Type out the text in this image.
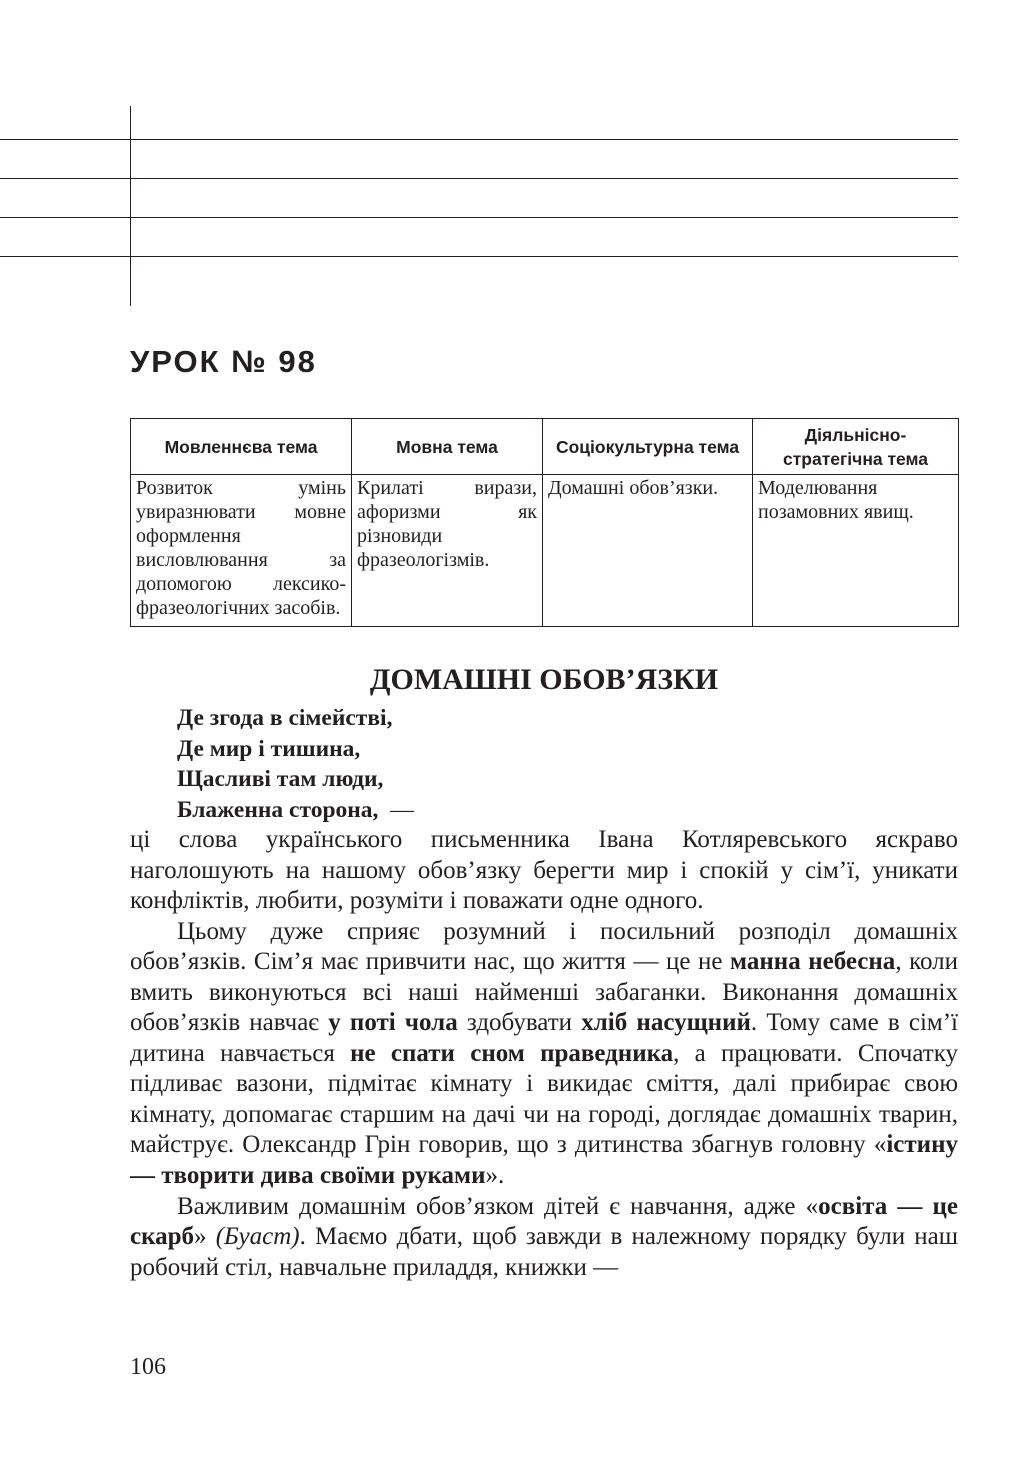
УРОК № 98
Мовленнєва тема	Мовна тема	Соціокультурна тема	Діяльнісно-стратегічна тема
Розвиток умінь увиразнювати мовне оформлення висловлювання за допомогою лексико-фразеологічних засобів.	Крилаті вирази, афоризми як різновиди фразеологізмів.	Домашні обов’язки.	Моделювання позамовних явищ.
ДОМАШНІ ОБОВ’ЯЗКИ
Де згода в сімействі,
Де мир і тишина,
Щасливі там люди,
Блаженна сторона, —

ці слова українського письменника Івана Котляревського яскраво наголошують на нашому обов’язку берегти мир і спокій у сім’ї, уникати конфліктів, любити, розуміти і поважати одне одного.

Цьому дуже сприяє розумний і посильний розподіл домашніх обов’язків. Сім’я має привчити нас, що життя — це не манна небесна, коли вмить виконуються всі наші найменші забаганки. Виконання домашніх обов’язків навчає у поті чола здобувати хліб насущний. Тому саме в сім’ї дитина навчається не спати сном праведника, а працювати. Спочатку підливає вазони, підмітає кімнату і викидає сміття, далі прибирає свою кімнату, допомагає старшим на дачі чи на городі, доглядає домашніх тварин, майструє. Олександр Грін говорив, що з дитинства збагнув головну «істину — творити дива своїми руками».

Важливим домашнім обов’язком дітей є навчання, адже «освіта — це скарб» (Буаст). Маємо дбати, щоб завжди в належному порядку були наш робочий стіл, навчальне приладдя, книжки —

106
